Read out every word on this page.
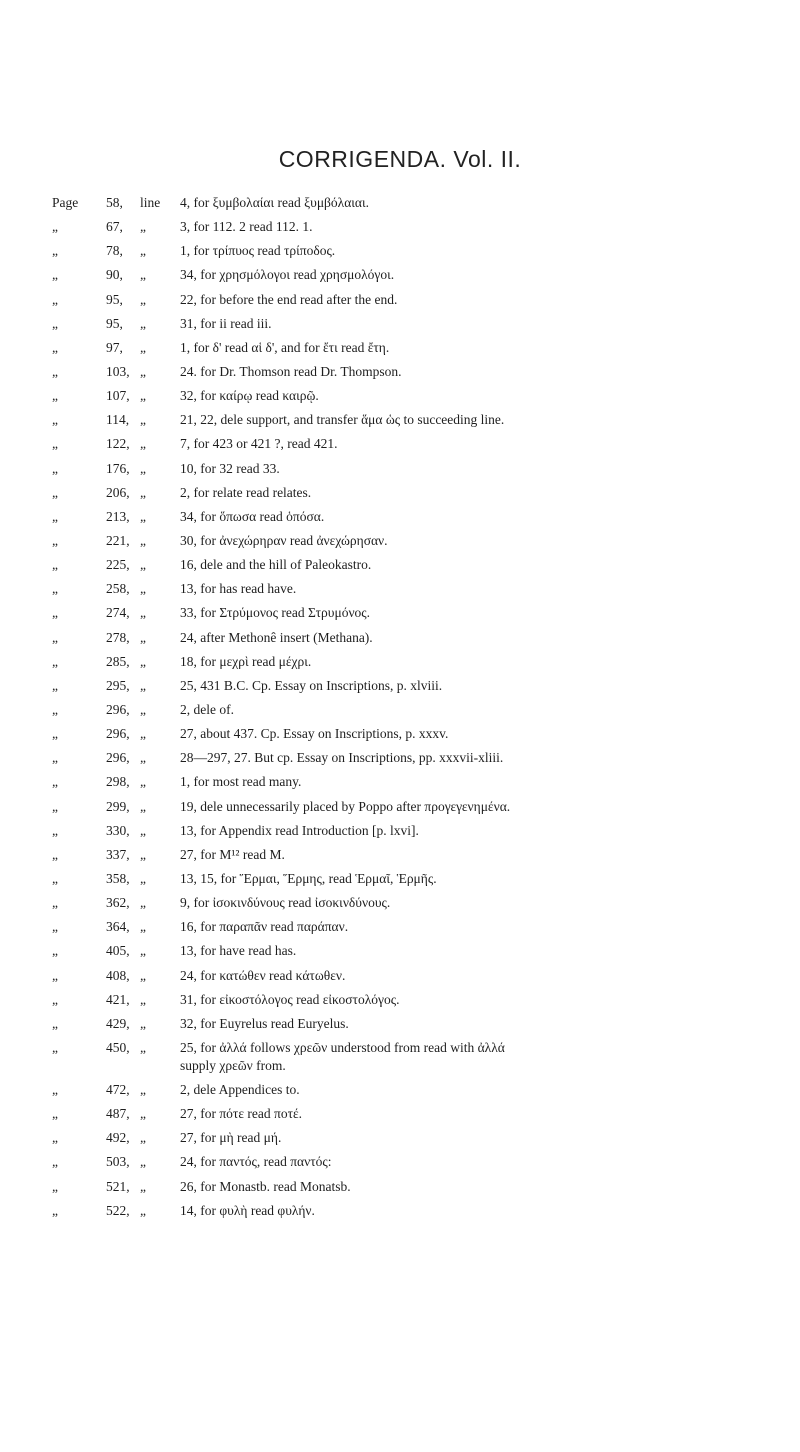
CORRIGENDA. Vol. II.
Page	58,	line	4, for ξυμβολαίαι read ξυμβόλαιαι.
„	67,	„	3, for 112. 2 read 112. 1.
„	78,	„	1, for τρίπυος read τρίποδος.
„	90,	„	34, for χρησμόλογοι read χρησμολόγοι.
„	95,	„	22, for before the end read after the end.
„	95,	„	31, for ii read iii.
„	97,	„	1, for δ' read αἱ δ', and for ἔτι read ἔτη.
„	103, „	24. for Dr. Thomson read Dr. Thompson.
„	107, „	32, for καίρῳ read καιρῷ.
„	114, „	21, 22, dele support, and transfer ἅμα ὡς to succeeding line.
„	122, „	7, for 423 or 421 ?, read 421.
„	176, „	10, for 32 read 33.
„	206, „	2, for relate read relates.
„	213, „	34, for ὅπωσα read ὁπόσα.
„	221, „	30, for ἀνεχώρηραν read ἀνεχώρησαν.
„	225, „	16, dele and the hill of Paleokastro.
„	258, „	13, for has read have.
„	274, „	33, for Στρύμονος read Στρυμόνος.
„	278, „	24, after Methonê insert (Methana).
„	285, „	18, for μεχρὶ read μέχρι.
„	295, „	25, 431 B.C. Cp. Essay on Inscriptions, p. xlviii.
„	296, „	2, dele of.
„	296, „	27, about 437. Cp. Essay on Inscriptions, p. xxxv.
„	296, „	28—297, 27. But cp. Essay on Inscriptions, pp. xxxvii-xliii.
„	298, „	1, for most read many.
„	299, „	19, dele unnecessarily placed by Poppo after προγεγενημένα.
„	330, „	13, for Appendix read Introduction [p. lxvi].
„	337, „	27, for M¹² read M.
„	358, „	13, 15, for Ἕρμαι, Ἕρμης, read Ἑρμαῖ, Ἑρμῆς.
„	362, „	9, for ἰσοκινδύνους read ἰσοκινδύνους.
„	364, „	16, for παραπᾶν read παράπαν.
„	405, „	13, for have read has.
„	408, „	24, for κατώθεν read κάτωθεν.
„	421, „	31, for εἰκοστόλογος read εἰκοστολόγος.
„	429, „	32, for Euyrelus read Euryelus.
„	450, „	25, for ἀλλά follows χρεῶν understood from read with ἀλλά
supply χρεῶν from.
„	472, „	2, dele Appendices to.
„	487, „	27, for πότε read ποτέ.
„	492, „	27, for μὴ read μή.
„	503, „	24, for παντός, read παντός:
„	521, „	26, for Monastb. read Monatsb.
„	522, „	14, for φυλὴ read φυλήν.
